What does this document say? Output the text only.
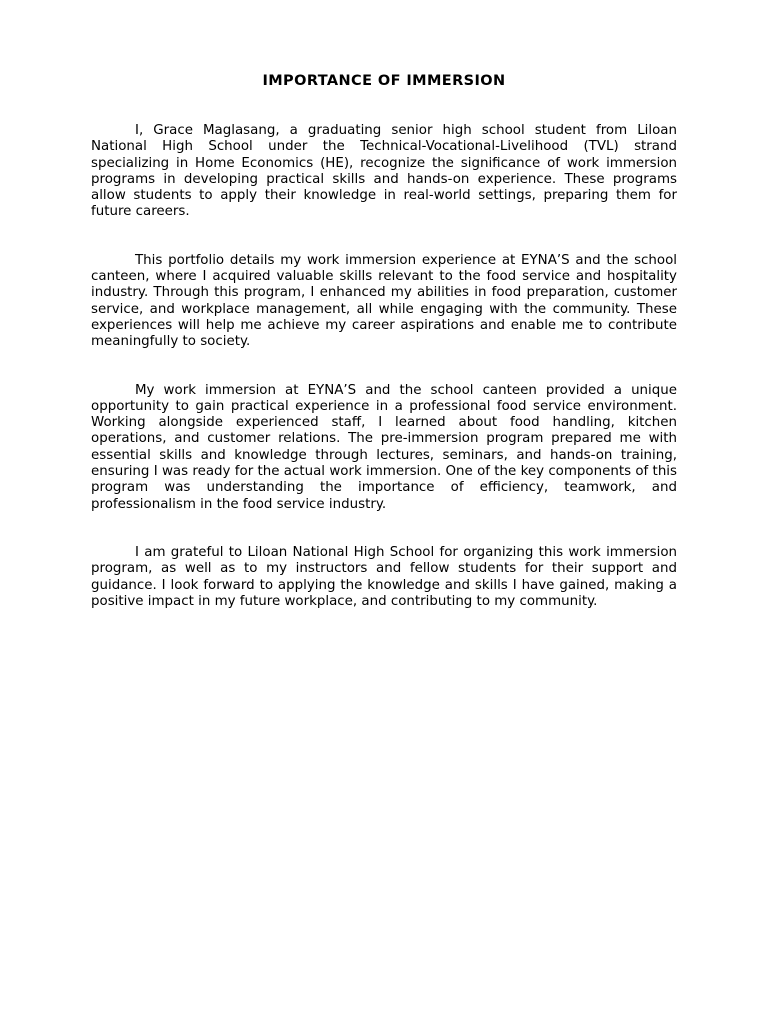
IMPORTANCE OF IMMERSION

I, Grace Maglasang, a graduating senior high school student from Liloan National High School under the Technical-Vocational-Livelihood (TVL) strand specializing in Home Economics (HE), recognize the significance of work immersion programs in developing practical skills and hands-on experience. These programs allow students to apply their knowledge in real-world settings, preparing them for future careers.

This portfolio details my work immersion experience at EYNA’S and the school canteen, where I acquired valuable skills relevant to the food service and hospitality industry. Through this program, I enhanced my abilities in food preparation, customer service, and workplace management, all while engaging with the community. These experiences will help me achieve my career aspirations and enable me to contribute meaningfully to society.

My work immersion at EYNA’S and the school canteen provided a unique opportunity to gain practical experience in a professional food service environment. Working alongside experienced staff, I learned about food handling, kitchen operations, and customer relations. The pre-immersion program prepared me with essential skills and knowledge through lectures, seminars, and hands-on training, ensuring I was ready for the actual work immersion. One of the key components of this program was understanding the importance of efficiency, teamwork, and professionalism in the food service industry.

I am grateful to Liloan National High School for organizing this work immersion program, as well as to my instructors and fellow students for their support and guidance. I look forward to applying the knowledge and skills I have gained, making a positive impact in my future workplace, and contributing to my community.
